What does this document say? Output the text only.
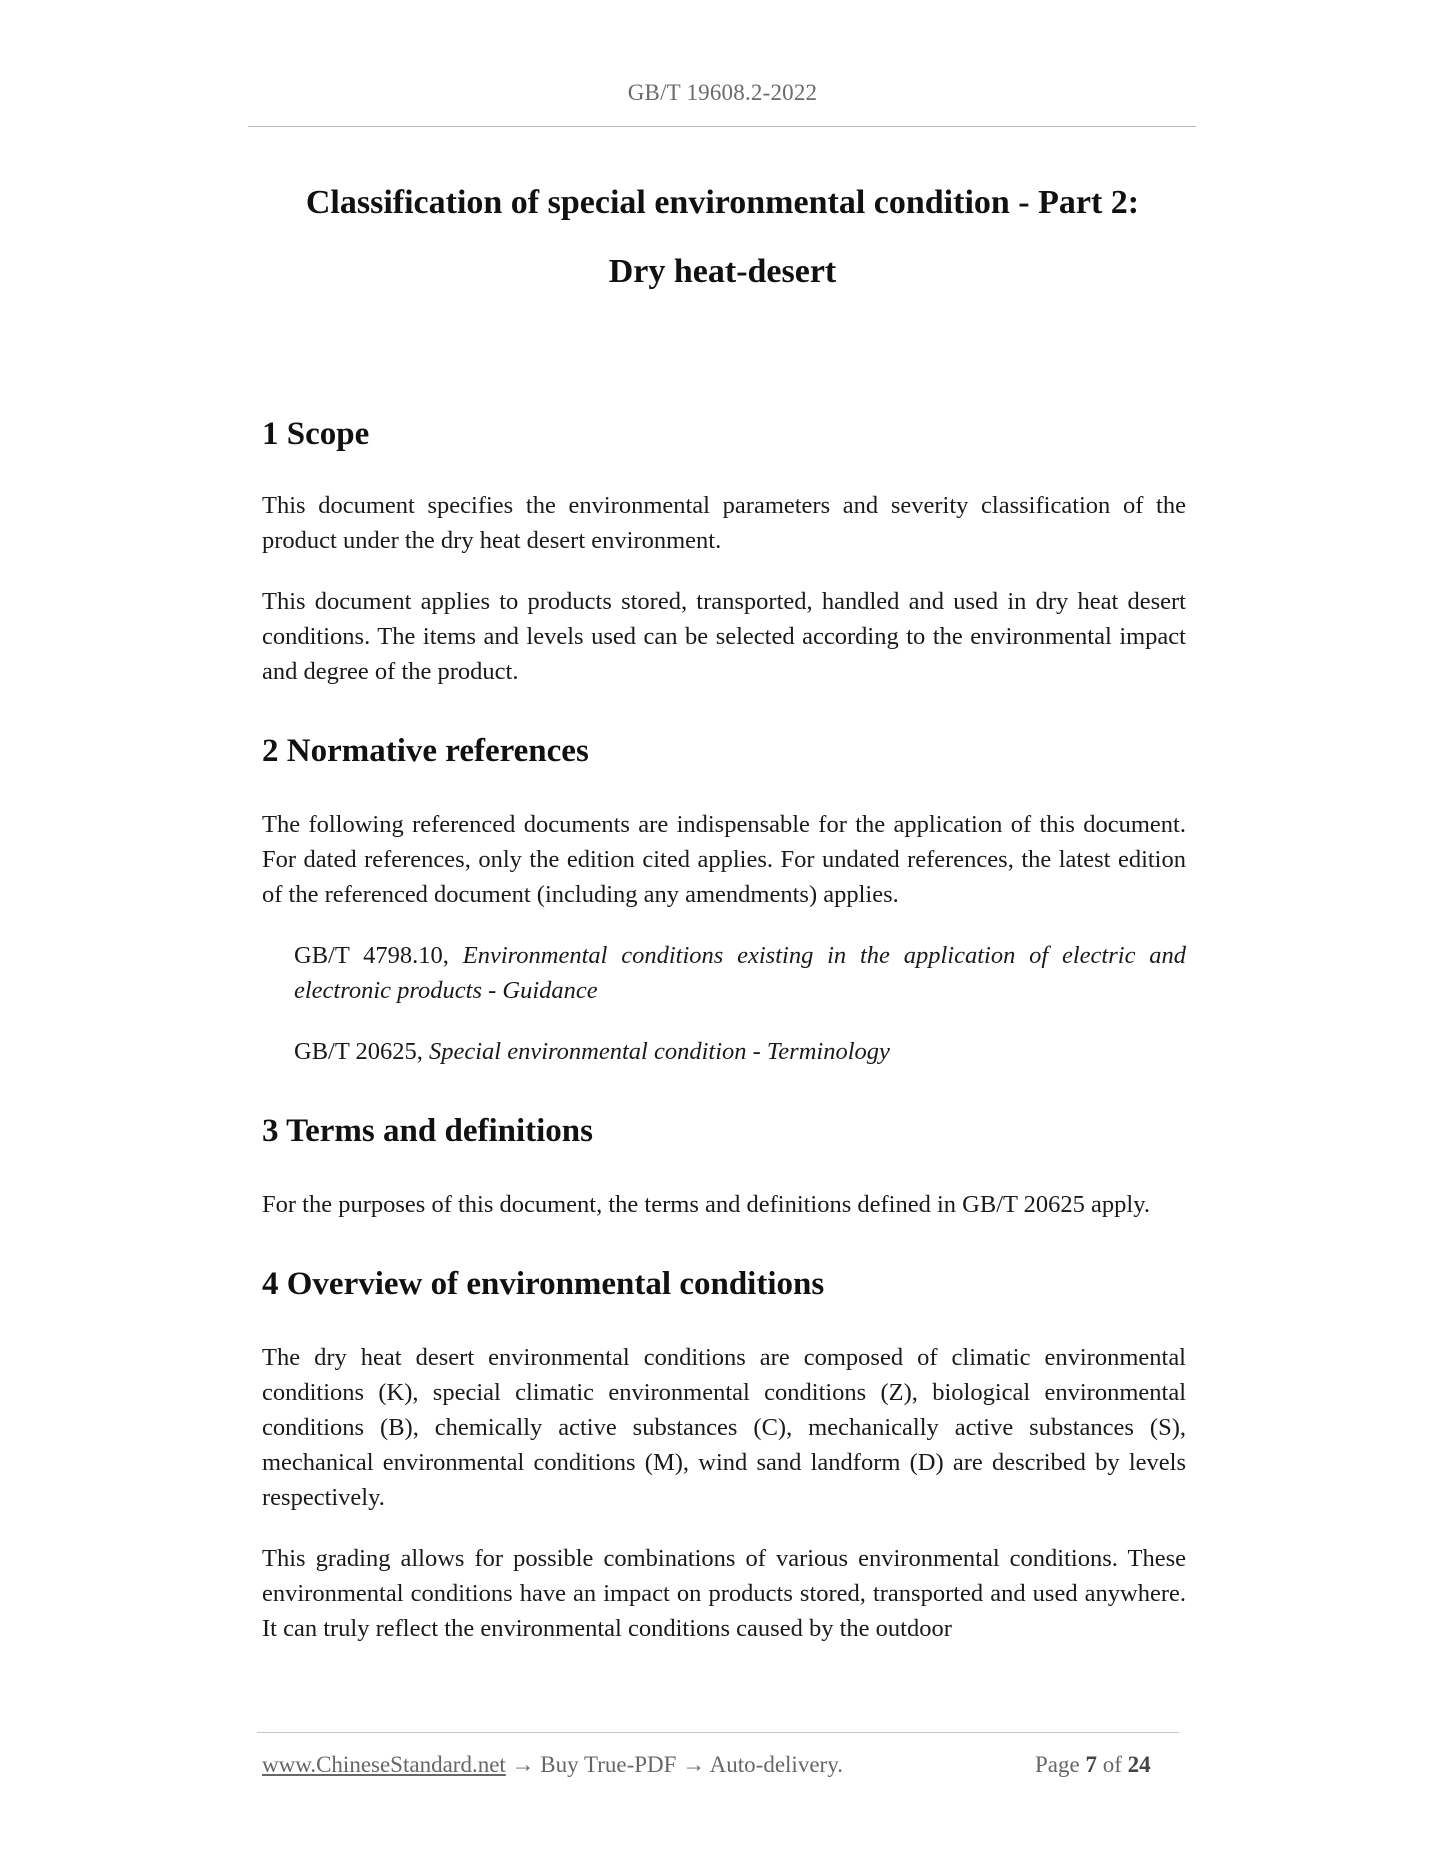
GB/T 19608.2-2022
Classification of special environmental condition - Part 2:
Dry heat-desert
1 Scope

This document specifies the environmental parameters and severity classification of the product under the dry heat desert environment.

This document applies to products stored, transported, handled and used in dry heat desert conditions. The items and levels used can be selected according to the environmental impact and degree of the product.

2 Normative references

The following referenced documents are indispensable for the application of this document. For dated references, only the edition cited applies. For undated references, the latest edition of the referenced document (including any amendments) applies.

GB/T 4798.10, Environmental conditions existing in the application of electric and electronic products - Guidance

GB/T 20625, Special environmental condition - Terminology

3 Terms and definitions

For the purposes of this document, the terms and definitions defined in GB/T 20625 apply.

4 Overview of environmental conditions

The dry heat desert environmental conditions are composed of climatic environmental conditions (K), special climatic environmental conditions (Z), biological environmental conditions (B), chemically active substances (C), mechanically active substances (S), mechanical environmental conditions (M), wind sand landform (D) are described by levels respectively.

This grading allows for possible combinations of various environmental conditions. These environmental conditions have an impact on products stored, transported and used anywhere. It can truly reflect the environmental conditions caused by the outdoor

www.ChineseStandard.net → Buy True-PDF → Auto-delivery.	Page 7 of 24
